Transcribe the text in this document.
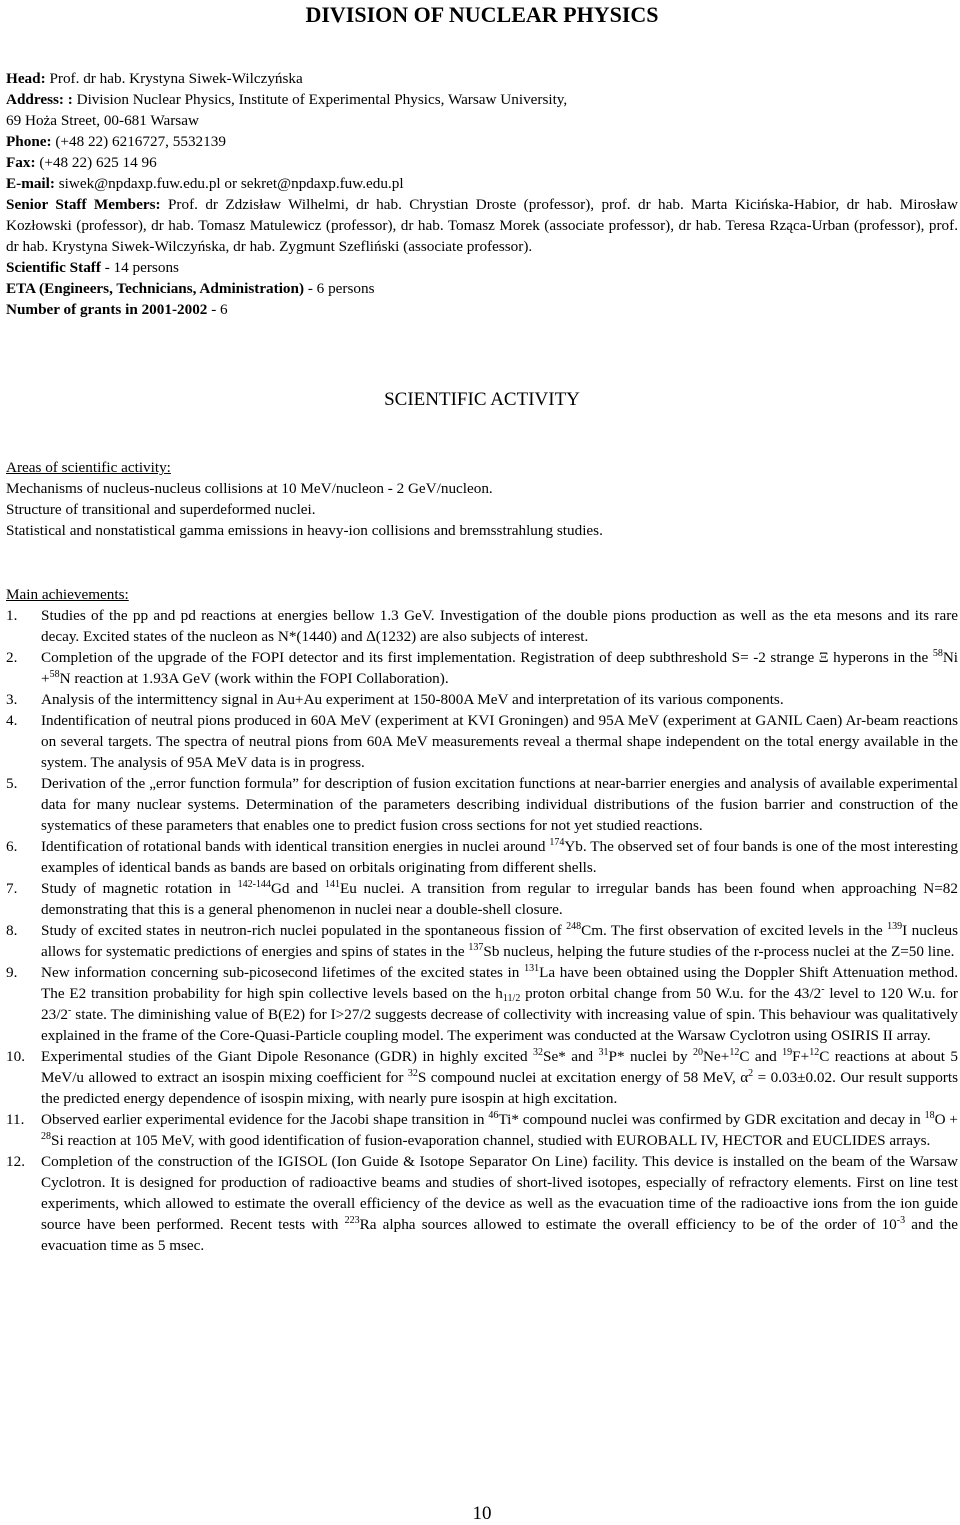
DIVISION OF NUCLEAR PHYSICS
Head: Prof. dr hab. Krystyna Siwek-Wilczyńska
Address: : Division Nuclear Physics, Institute of Experimental Physics, Warsaw University,
69 Hoża Street, 00-681 Warsaw
Phone: (+48 22) 6216727, 5532139
Fax: (+48 22) 625 14 96
E-mail: siwek@npdaxp.fuw.edu.pl or sekret@npdaxp.fuw.edu.pl
Senior Staff Members: Prof. dr Zdzisław Wilhelmi, dr hab. Chrystian Droste (professor), prof. dr hab. Marta Kicińska-Habior, dr hab. Mirosław Kozłowski (professor), dr hab. Tomasz Matulewicz (professor), dr hab. Tomasz Morek (associate professor), dr hab. Teresa Rząca-Urban (professor), prof. dr hab. Krystyna Siwek-Wilczyńska, dr hab. Zygmunt Szefliński (associate professor).
Scientific Staff - 14 persons
ETA (Engineers, Technicians, Administration) - 6 persons
Number of grants in 2001-2002 - 6
SCIENTIFIC ACTIVITY
Areas of scientific activity:
Mechanisms of nucleus-nucleus collisions at 10 MeV/nucleon - 2 GeV/nucleon.
Structure of transitional and superdeformed nuclei.
Statistical and nonstatistical gamma emissions in heavy-ion collisions and bremsstrahlung studies.
Main achievements:
1. Studies of the pp and pd reactions at energies bellow 1.3 GeV. Investigation of the double pions production as well as the eta mesons and its rare decay. Excited states of the nucleon as N*(1440) and ∆(1232) are also subjects of interest.
2. Completion of the upgrade of the FOPI detector and its first implementation. Registration of deep subthreshold S= -2 strange Ξ hyperons in the $^{58}$Ni +$^{58}$N reaction at 1.93A GeV (work within the FOPI Collaboration).
3. Analysis of the intermittency signal in Au+Au experiment at 150-800A MeV and interpretation of its various components.
4. Indentification of neutral pions produced in 60A MeV (experiment at KVI Groningen) and 95A MeV (experiment at GANIL Caen) Ar-beam reactions on several targets. The spectra of neutral pions from 60A MeV measurements reveal a thermal shape independent on the total energy available in the system. The analysis of 95A MeV data is in progress.
5. Derivation of the „error function formula” for description of fusion excitation functions at near-barrier energies and analysis of available experimental data for many nuclear systems. Determination of the parameters describing individual distributions of the fusion barrier and construction of the systematics of these parameters that enables one to predict fusion cross sections for not yet studied reactions.
6. Identification of rotational bands with identical transition energies in nuclei around $^{174}$Yb. The observed set of four bands is one of the most interesting examples of identical bands as bands are based on orbitals originating from different shells.
7. Study of magnetic rotation in $^{142-144}$Gd and $^{141}$Eu nuclei. A transition from regular to irregular bands has been found when approaching N=82 demonstrating that this is a general phenomenon in nuclei near a double-shell closure.
8. Study of excited states in neutron-rich nuclei populated in the spontaneous fission of $^{248}$Cm. The first observation of excited levels in the $^{139}$I nucleus allows for systematic predictions of energies and spins of states in the $^{137}$Sb nucleus, helping the future studies of the r-process nuclei at the Z=50 line.
9. New information concerning sub-picosecond lifetimes of the excited states in $^{131}$La have been obtained using the Doppler Shift Attenuation method. The E2 transition probability for high spin collective levels based on the $h_{11/2}$ proton orbital change from 50 W.u. for the 43/2- level to 120 W.u. for 23/2- state. The diminishing value of B(E2) for I>27/2 suggests decrease of collectivity with increasing value of spin. This behaviour was qualitatively explained in the frame of the Core-Quasi-Particle coupling model. The experiment was conducted at the Warsaw Cyclotron using OSIRIS II array.
10. Experimental studies of the Giant Dipole Resonance (GDR) in highly excited $^{32}$Se* and $^{31}$P* nuclei by $^{20}$Ne+$^{12}$C and $^{19}$F+$^{12}$C reactions at about 5 MeV/u allowed to extract an isospin mixing coefficient for $^{32}$S compound nuclei at excitation energy of 58 MeV, $\alpha^2 = 0.03\pm 0.02$. Our result supports the predicted energy dependence of isospin mixing, with nearly pure isospin at high excitation.
11. Observed earlier experimental evidence for the Jacobi shape transition in $^{46}$Ti* compound nuclei was confirmed by GDR excitation and decay in $^{18}$O + $^{28}$Si reaction at 105 MeV, with good identification of fusion-evaporation channel, studied with EUROBALL IV, HECTOR and EUCLIDES arrays.
12. Completion of the construction of the IGISOL (Ion Guide & Isotope Separator On Line) facility. This device is installed on the beam of the Warsaw Cyclotron. It is designed for production of radioactive beams and studies of short-lived isotopes, especially of refractory elements. First on line test experiments, which allowed to estimate the overall efficiency of the device as well as the evacuation time of the radioactive ions from the ion guide source have been performed. Recent tests with $^{223}$Ra alpha sources allowed to estimate the overall efficiency to be of the order of $10^{-3}$ and the evacuation time as 5 msec.
10
